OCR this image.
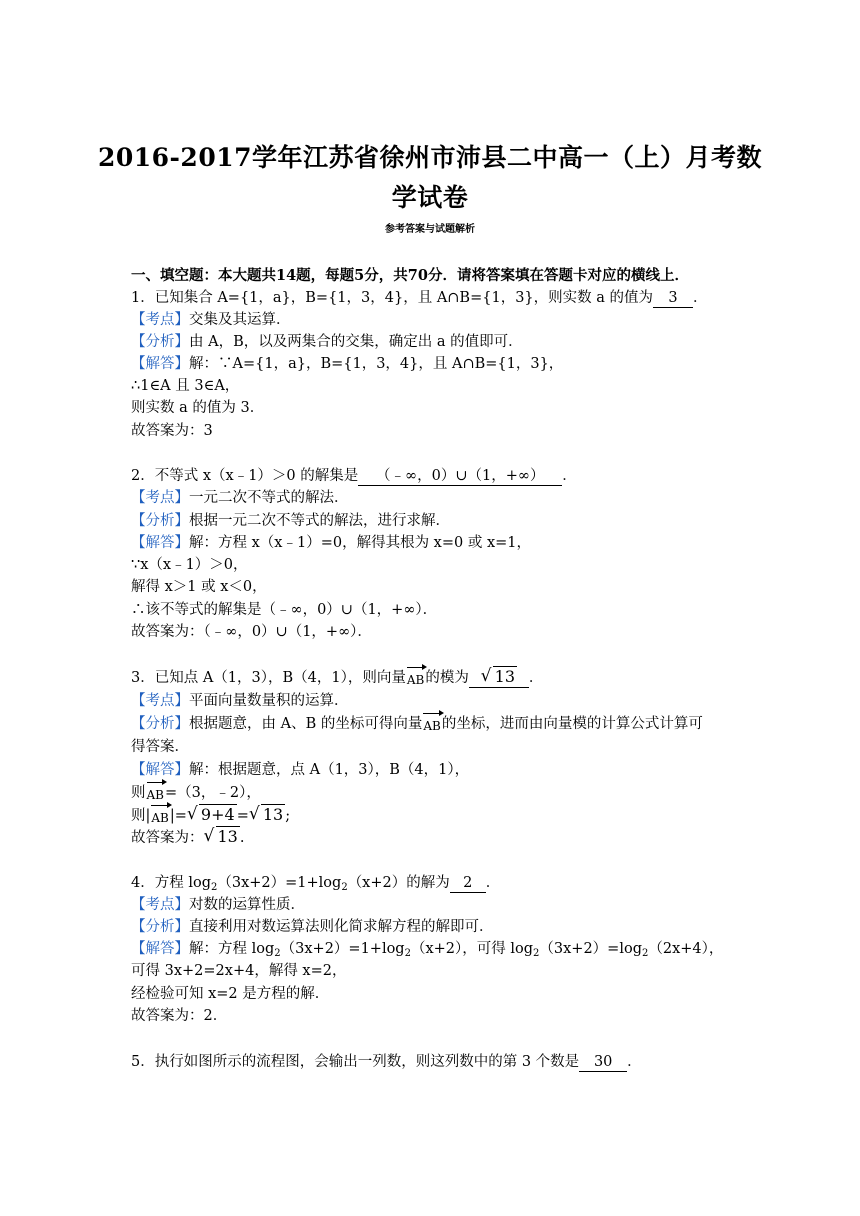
2016-2017学年江苏省徐州市沛县二中高一（上）月考数
学试卷
参考答案与试题解析
一、填空题：本大题共14题，每题5分，共70分．请将答案填在答题卡对应的横线上．
1．已知集合 A={1，a}，B={1，3，4}，且 A∩B={1，3}，则实数 a 的值为 3 ．
【考点】交集及其运算．
【分析】由 A，B，以及两集合的交集，确定出 a 的值即可．
【解答】解：∵A={1，a}，B={1，3，4}，且 A∩B={1，3}，
∴1∈A 且 3∈A，
则实数 a 的值为 3．
故答案为：3
2．不等式 x（x﹣1）＞0 的解集是 （﹣∞，0）∪（1，+∞） ．
【考点】一元二次不等式的解法．
【分析】根据一元二次不等式的解法，进行求解．
【解答】解：方程 x（x﹣1）=0，解得其根为 x=0 或 x=1，
∵x（x﹣1）＞0，
解得 x＞1 或 x＜0，
∴该不等式的解集是（﹣∞，0）∪（1，+∞）．
故答案为：（﹣∞，0）∪（1，+∞）．
3．已知点 A（1，3），B（4，1），则向量AB的模为 √ 13 ．
【考点】平面向量数量积的运算．
【分析】根据题意，由 A、B 的坐标可得向量AB的坐标，进而由向量模的计算公式计算可
得答案．
【解答】解：根据题意，点 A（1，3），B（4，1），
则AB=（3，﹣2），
则|AB|= √ 9+4 = √ 13 ;
故答案为： √ 13 .
4．方程 $\log_2(3x+2)=1+\log_2(x+2)$的解为 2 ．
【考点】对数的运算性质．
【分析】直接利用对数运算法则化简求解方程的解即可．
【解答】解：方程 $\log_2(3x+2)=1+\log_2(x+2)$，可得 $\log_2(3x+2)=\log_2(2x+4)$，
可得 3x+2=2x+4，解得 x=2，
经检验可知 x=2 是方程的解．
故答案为：2．
5．执行如图所示的流程图，会输出一列数，则这列数中的第 3 个数是 30 ．
